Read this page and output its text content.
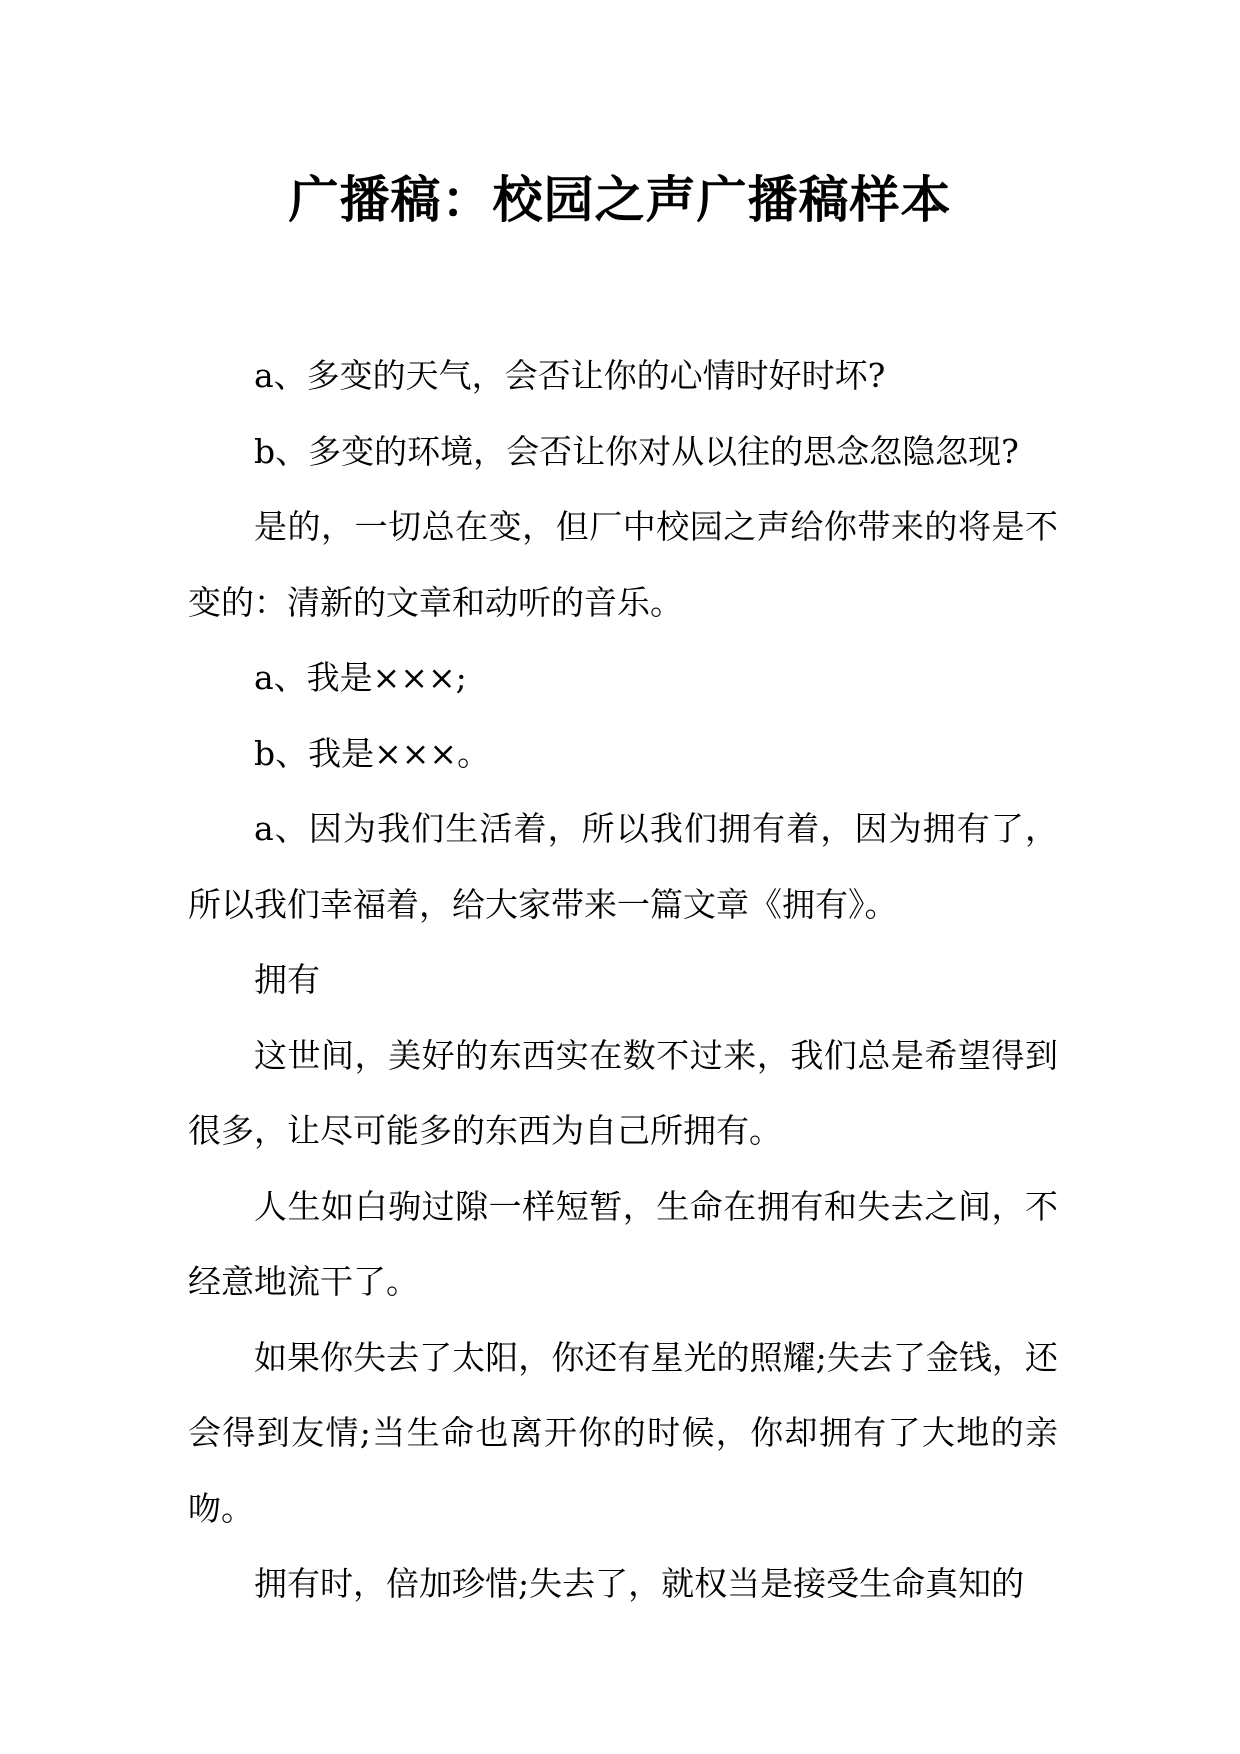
广播稿：校园之声广播稿样本

a、多变的天气，会否让你的心情时好时坏?

b、多变的环境，会否让你对从以往的思念忽隐忽现?

是的，一切总在变，但厂中校园之声给你带来的将是不变的：清新的文章和动听的音乐。

a、我是×××;

b、我是×××。

a、因为我们生活着，所以我们拥有着，因为拥有了，所以我们幸福着，给大家带来一篇文章《拥有》。

拥有

这世间，美好的东西实在数不过来，我们总是希望得到很多，让尽可能多的东西为自己所拥有。

人生如白驹过隙一样短暂，生命在拥有和失去之间，不经意地流干了。

如果你失去了太阳，你还有星光的照耀;失去了金钱，还会得到友情;当生命也离开你的时候，你却拥有了大地的亲吻。

拥有时，倍加珍惜;失去了，就权当是接受生命真知的
